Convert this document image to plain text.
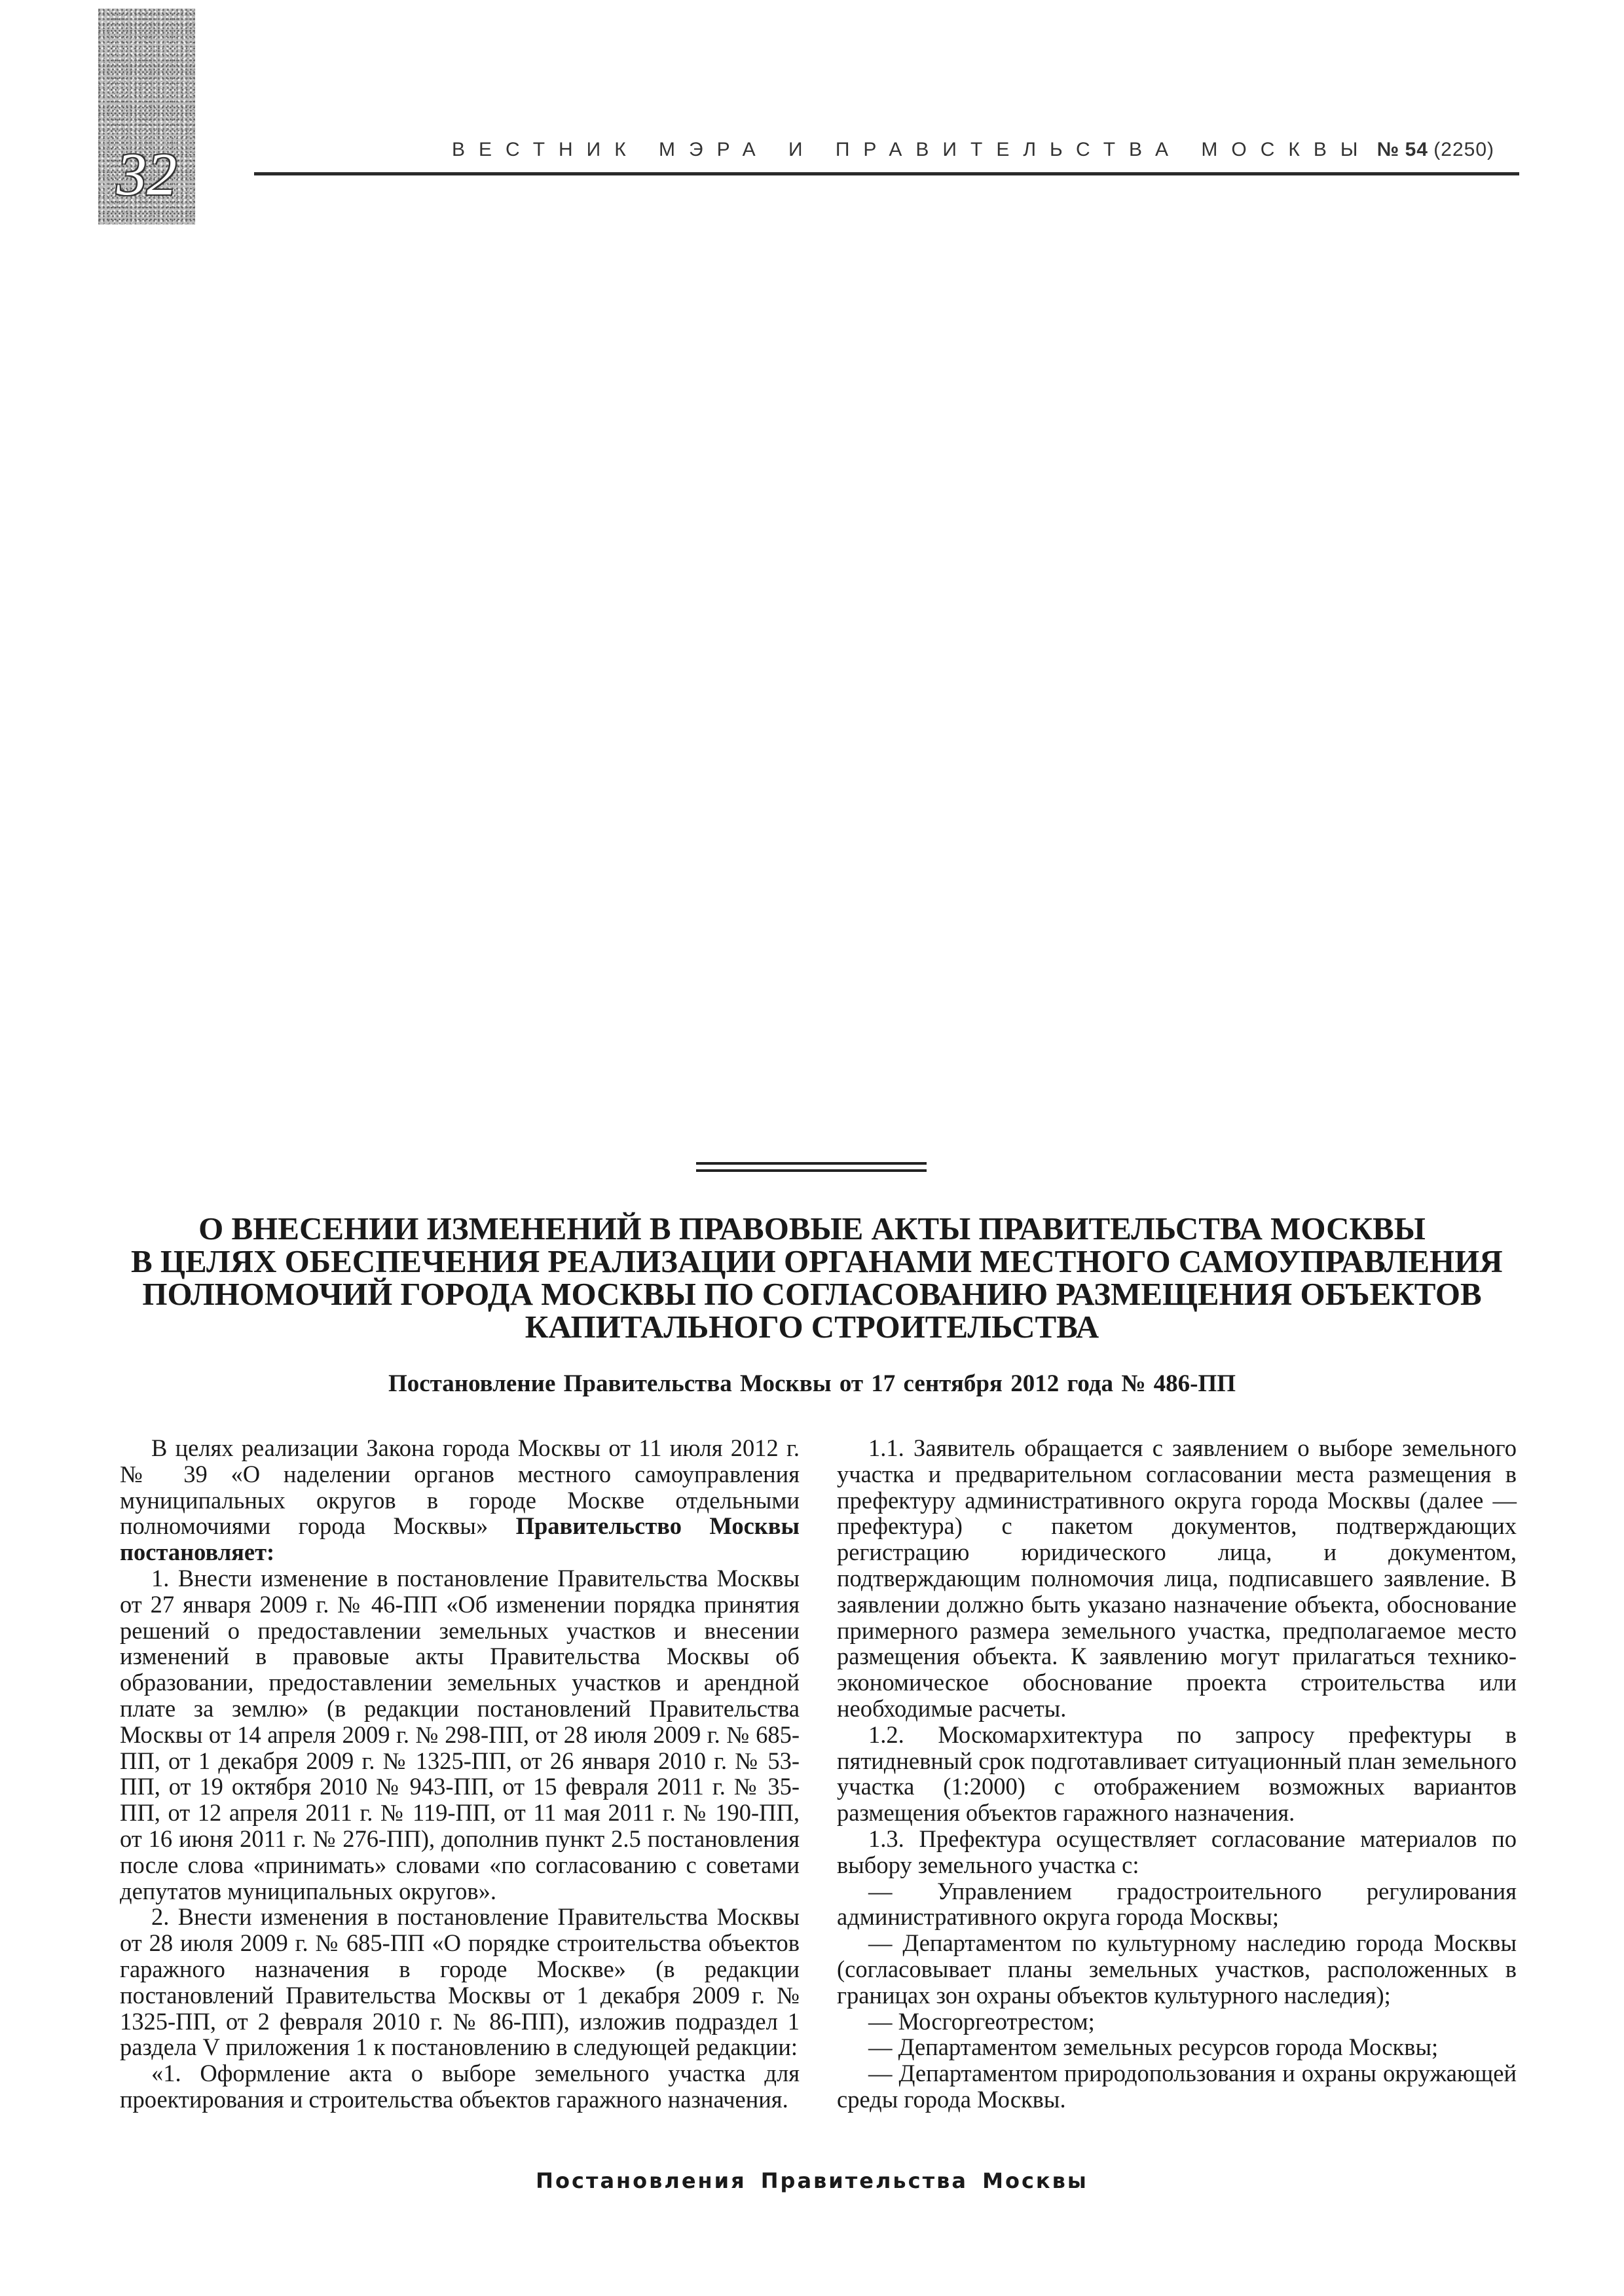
32	ВЕСТНИК МЭРА И ПРАВИТЕЛЬСТВА МОСКВЫ № 54 (2250)
О ВНЕСЕНИИ ИЗМЕНЕНИЙ В ПРАВОВЫЕ АКТЫ ПРАВИТЕЛЬСТВА МОСКВЫ
В ЦЕЛЯХ ОБЕСПЕЧЕНИЯ РЕАЛИЗАЦИИ ОРГАНАМИ МЕСТНОГО САМОУПРАВЛЕНИЯ
ПОЛНОМОЧИЙ ГОРОДА МОСКВЫ ПО СОГЛАСОВАНИЮ РАЗМЕЩЕНИЯ ОБЪЕКТОВ
КАПИТАЛЬНОГО СТРОИТЕЛЬСТВА
Постановление Правительства Москвы от 17 сентября 2012 года № 486-ПП

В целях реализации Закона города Москвы от 11 июля 2012 г. № 39 «О наделении органов местного самоуправления муниципальных округов в городе Москве отдельными полномочиями города Москвы» Правительство Москвы постановляет:

1. Внести изменение в постановление Правительства Москвы от 27 января 2009 г. № 46-ПП «Об изменении порядка принятия решений о предоставлении земельных участков и внесении изменений в правовые акты Правительства Москвы об образовании, предоставлении земельных участков и арендной плате за землю» (в редакции постановлений Правительства Москвы от 14 апреля 2009 г. № 298-ПП, от 28 июля 2009 г. № 685-ПП, от 1 декабря 2009 г. № 1325-ПП, от 26 января 2010 г. № 53-ПП, от 19 октября 2010 № 943-ПП, от 15 февраля 2011 г. № 35-ПП, от 12 апреля 2011 г. № 119-ПП, от 11 мая 2011 г. № 190-ПП, от 16 июня 2011 г. № 276-ПП), дополнив пункт 2.5 постановления после слова «принимать» словами «по согласованию с советами депутатов муниципальных округов».

2. Внести изменения в постановление Правительства Москвы от 28 июля 2009 г. № 685-ПП «О порядке строительства объектов гаражного назначения в городе Москве» (в редакции постановлений Правительства Москвы от 1 декабря 2009 г. № 1325-ПП, от 2 февраля 2010 г. № 86-ПП), изложив подраздел 1 раздела V приложения 1 к постановлению в следующей редакции:

«1. Оформление акта о выборе земельного участка для проектирования и строительства объектов гаражного назначения.

1.1. Заявитель обращается с заявлением о выборе земельного участка и предварительном согласовании места размещения в префектуру административного округа города Москвы (далее — префектура) с пакетом документов, подтверждающих регистрацию юридического лица, и документом, подтверждающим полномочия лица, подписавшего заявление. В заявлении должно быть указано назначение объекта, обоснование примерного размера земельного участка, предполагаемое место размещения объекта. К заявлению могут прилагаться технико-экономическое обоснование проекта строительства или необходимые расчеты.

1.2. Москомархитектура по запросу префектуры в пятидневный срок подготавливает ситуационный план земельного участка (1:2000) с отображением возможных вариантов размещения объектов гаражного назначения.

1.3. Префектура осуществляет согласование материалов по выбору земельного участка с:

— Управлением градостроительного регулирования административного округа города Москвы;

— Департаментом по культурному наследию города Москвы (согласовывает планы земельных участков, расположенных в границах зон охраны объектов культурного наследия);

— Мосгоргеотрестом;

— Департаментом земельных ресурсов города Москвы;

— Департаментом природопользования и охраны окружающей среды города Москвы.

Постановления Правительства Москвы
